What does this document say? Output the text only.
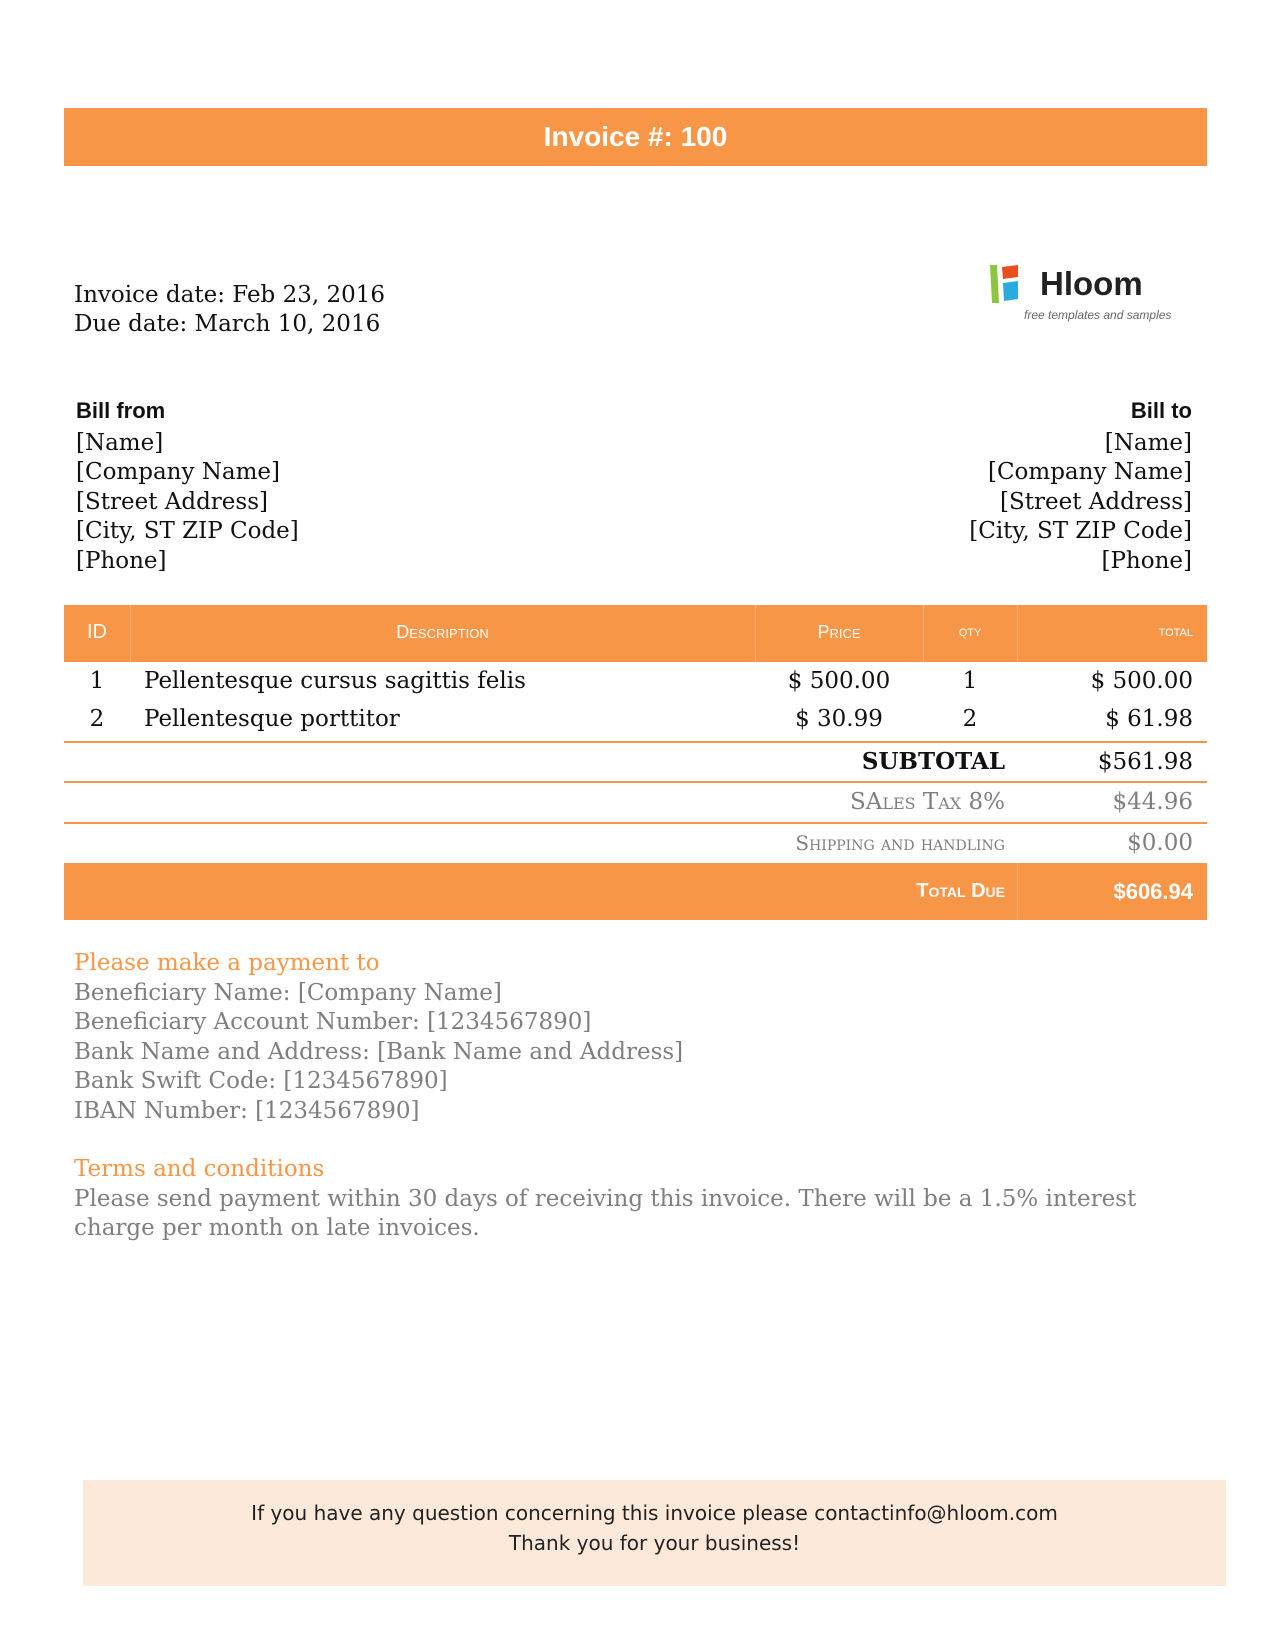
Invoice #: 100
Invoice date: Feb 23, 2016
Due date: March 10, 2016
Hloom
free templates and samples
Bill from
[Name]
[Company Name]
[Street Address]
[City, ST ZIP Code]
[Phone]
Bill to
[Name]
[Company Name]
[Street Address]
[City, ST ZIP Code]
[Phone]
ID	Description	Price	qty	total
1	Pellentesque cursus sagittis felis	$ 500.00	1	$ 500.00
2	Pellentesque porttitor	$ 30.99	2	$ 61.98
SUBTOTAL	$561.98
SAles Tax 8%	$44.96
Shipping and handling	$0.00
Total Due	$606.94
Please make a payment to
Beneficiary Name: [Company Name]
Beneficiary Account Number: [1234567890]
Bank Name and Address: [Bank Name and Address]
Bank Swift Code: [1234567890]
IBAN Number: [1234567890]
Terms and conditions
Please send payment within 30 days of receiving this invoice. There will be a 1.5% interest charge per month on late invoices.
If you have any question concerning this invoice please contactinfo@hloom.com
Thank you for your business!
